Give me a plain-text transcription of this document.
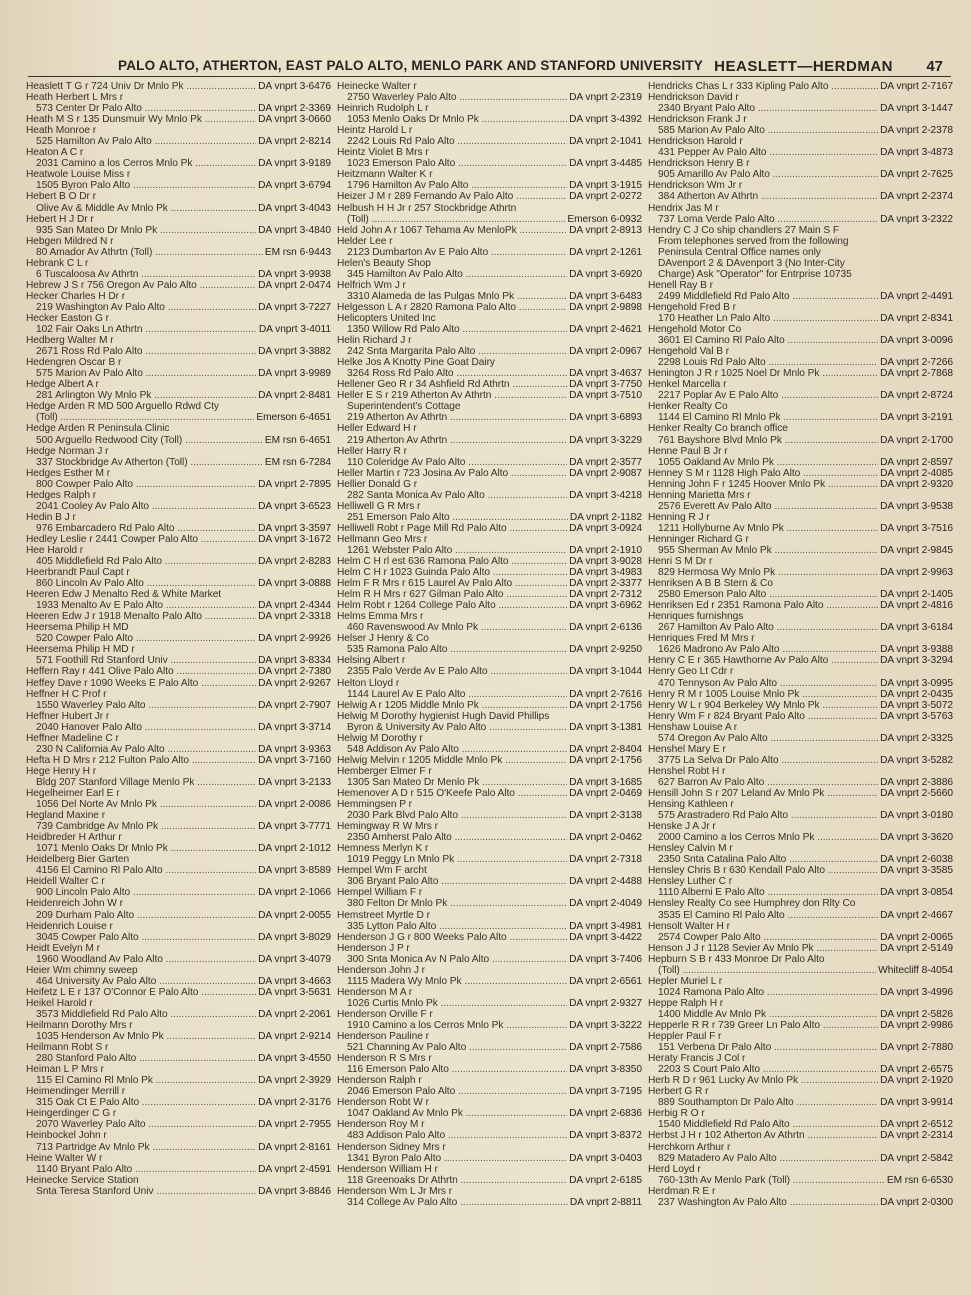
PALO ALTO, ATHERTON, EAST PALO ALTO, MENLO PARK AND STANFORD UNIVERSITY HEASLETT—HERDMAN 47
Heaslett T G r 724 Univ Dr Mnlo Pk .....	DA vnprt 3-6476
Heath Herbert L Mrs r
573 Center Dr Palo Alto .....	DA vnprt 2-3369
Heath M S r 135 Dunsmuir Wy Mnlo Pk .....	DA vnprt 3-0660
Heath Monroe r
525 Hamilton Av Palo Alto .....	DA vnprt 2-8214
Heaton A C r
2031 Camino a los Cerros Mnlo Pk .....	DA vnprt 3-9189
Heatwole Louise Miss r
1505 Byron Palo Alto .....	DA vnprt 3-6794
Hebert B O Dr r
Olive Av & Middle Av Mnlo Pk .....	DA vnprt 3-4043
Hebert H J Dr r
935 San Mateo Dr Mnlo Pk .....	DA vnprt 3-4840
Hebgen Mildred N r
80 Amador Av Athrtn (Toll) .....	EM rsn 6-9443
Hebrank C L r
6 Tuscaloosa Av Athrtn .....	DA vnprt 3-9938
Hebrew J S r 756 Oregon Av Palo Alto .....	DA vnprt 2-0474
Hecker Charles H Dr r
219 Washington Av Palo Alto .....	DA vnprt 3-7227
Hecker Easton G r
102 Fair Oaks Ln Athrtn .....	DA vnprt 3-4011
Hedberg Walter M r
2671 Ross Rd Palo Alto .....	DA vnprt 3-3882
Hedengren Oscar B r
575 Marion Av Palo Alto .....	DA vnprt 3-9989
Hedge Albert A r
281 Arlington Wy Mnlo Pk .....	DA vnprt 2-8481
Hedge Arden R MD 500 Arguello Rdwd Cty
(Toll) .....	Emerson 6-4651
Hedge Arden R Peninsula Clinic
500 Arguello Redwood City (Toll) .....	EM rsn 6-4651
Hedge Norman J r
337 Stockbridge Av Atherton (Toll) .....	EM rsn 6-7284
Hedges Esther M r
800 Cowper Palo Alto .....	DA vnprt 2-7895
Hedges Ralph r
2041 Cooley Av Palo Alto .....	DA vnprt 3-6523
Hedin B J r
976 Embarcadero Rd Palo Alto .....	DA vnprt 3-3597
Hedley Leslie r 2441 Cowper Palo Alto .....	DA vnprt 3-1672
Hee Harold r
405 Middlefield Rd Palo Alto .....	DA vnprt 2-8283
Heerbrandt Paul Capt r
860 Lincoln Av Palo Alto .....	DA vnprt 3-0888
Heeren Edw J Menalto Red & White Market
1933 Menalto Av E Palo Alto .....	DA vnprt 2-4344
Heeren Edw J r 1918 Menalto Palo Alto .....	DA vnprt 2-3318
Heersema Philip H MD
520 Cowper Palo Alto .....	DA vnprt 2-9926
Heersema Philip H MD r
571 Foothill Rd Stanford Univ .....	DA vnprt 3-8334
Heffern Ray r 441 Olive Palo Alto .....	DA vnprt 2-7380
Heffey Dave r 1090 Weeks E Palo Alto .....	DA vnprt 2-9267
Heffner H C Prof r
1550 Waverley Palo Alto .....	DA vnprt 2-7907
Heffner Hubert Jr r
2040 Hanover Palo Alto .....	DA vnprt 3-3714
Heffner Madeline C r
230 N California Av Palo Alto .....	DA vnprt 3-9363
Hefta H D Mrs r 212 Fulton Palo Alto .....	DA vnprt 3-7160
Hege Henry H r
Bldg 207 Stanford Village Menlo Pk .....	DA vnprt 3-2133
Hegelheimer Earl E r
1056 Del Norte Av Mnlo Pk .....	DA vnprt 2-0086
Hegland Maxine r
739 Cambridge Av Mnlo Pk .....	DA vnprt 3-7771
Heidbreder H Arthur r
1071 Menlo Oaks Dr Mnlo Pk .....	DA vnprt 2-1012
Heidelberg Bier Garten
4156 El Camino Rl Palo Alto .....	DA vnprt 3-8589
Heidell Walter C r
900 Lincoln Palo Alto .....	DA vnprt 2-1066
Heidenreich John W r
209 Durham Palo Alto .....	DA vnprt 2-0055
Heidenrich Louise r
3045 Cowper Palo Alto .....	DA vnprt 3-8029
Heidt Evelyn M r
1960 Woodland Av Palo Alto .....	DA vnprt 3-4079
Heier Wm chimny sweep
464 University Av Palo Alto .....	DA vnprt 3-4663
Heifetz L E r 137 O'Connor E Palo Alto .....	DA vnprt 3-5631
Heikel Harold r
3573 Middlefield Rd Palo Alto .....	DA vnprt 2-2061
Heilmann Dorothy Mrs r
1035 Henderson Av Mnlo Pk .....	DA vnprt 2-9214
Heilmann Robt S r
280 Stanford Palo Alto .....	DA vnprt 3-4550
Heiman L P Mrs r
115 El Camino Rl Mnlo Pk .....	DA vnprt 2-3929
Heimendinger Merrill r
315 Oak Ct E Palo Alto .....	DA vnprt 2-3176
Heingerdinger C G r
2070 Waverley Palo Alto .....	DA vnprt 2-7955
Heinbockel John r
713 Partridge Av Mnlo Pk .....	DA vnprt 2-8161
Heine Walter W r
1140 Bryant Palo Alto .....	DA vnprt 2-4591
Heinecke Service Station
Snta Teresa Stanford Univ .....	DA vnprt 3-8846
Heinecke Walter r
2750 Waverley Palo Alto .....	DA vnprt 2-2319
Heinrich Rudolph L r
1053 Menlo Oaks Dr Mnlo Pk .....	DA vnprt 3-4392
Heintz Harold L r
2242 Louis Rd Palo Alto .....	DA vnprt 2-1041
Heintz Violet B Mrs r
1023 Emerson Palo Alto .....	DA vnprt 3-4485
Heitzmann Walter K r
1796 Hamilton Av Palo Alto .....	DA vnprt 3-1915
Heizer J M r 289 Fernando Av Palo Alto .....	DA vnprt 2-0272
Helbush H H Jr r 257 Stockbridge Athrtn
(Toll) .....	Emerson 6-0932
Held John A r 1067 Tehama Av MenloPk .....	DA vnprt 2-8913
Helder Lee r
2123 Dumbarton Av E Palo Alto .....	DA vnprt 2-1261
Helen's Beauty Shop
345 Hamilton Av Palo Alto .....	DA vnprt 3-6920
Helfrich Wm J r
3310 Alameda de las Pulgas Mnlo Pk .....	DA vnprt 3-6483
Helgesson L A r 2820 Ramona Palo Alto .....	DA vnprt 2-9898
Helicopters United Inc
1350 Willow Rd Palo Alto .....	DA vnprt 2-4621
Helin Richard J r
242 Snta Margarita Palo Alto .....	DA vnprt 2-0967
Helke Jos A Knotty Pine Goat Dairy
3264 Ross Rd Palo Alto .....	DA vnprt 3-4637
Hellener Geo R r 34 Ashfield Rd Athrtn .....	DA vnprt 3-7750
Heller E S r 219 Atherton Av Athrtn .....	DA vnprt 3-7510
Superintendent's Cottage
219 Atherton Av Athrtn .....	DA vnprt 3-6893
Heller Edward H r
219 Atherton Av Athrtn .....	DA vnprt 3-3229
Heller Harry R r
110 Coleridge Av Palo Alto .....	DA vnprt 2-3577
Heller Martin r 723 Josina Av Palo Alto .....	DA vnprt 2-9087
Hellier Donald G r
282 Santa Monica Av Palo Alto .....	DA vnprt 3-4218
Helliwell G R Mrs r
251 Emerson Palo Alto .....	DA vnprt 2-1182
Helliwell Robt r Page Mill Rd Palo Alto .....	DA vnprt 3-0924
Hellmann Geo Mrs r
1261 Webster Palo Alto .....	DA vnprt 2-1910
Helm C H rl est 636 Ramona Palo Alto .....	DA vnprt 3-9028
Helm C H r 1023 Guinda Palo Alto .....	DA vnprt 3-4983
Helm F R Mrs r 615 Laurel Av Palo Alto .....	DA vnprt 2-3377
Helm R H Mrs r 627 Gilman Palo Alto .....	DA vnprt 2-7312
Helm Robt r 1264 College Palo Alto .....	DA vnprt 3-6962
Helms Emma Mrs r
460 Ravenswood Av Mnlo Pk .....	DA vnprt 2-6136
Helser J Henry & Co
535 Ramona Palo Alto .....	DA vnprt 2-9250
Helsing Albert r
2355 Palo Verde Av E Palo Alto .....	DA vnprt 3-1044
Helton Lloyd r
1144 Laurel Av E Palo Alto .....	DA vnprt 2-7616
Helwig A r 1205 Middle Mnlo Pk .....	DA vnprt 2-1756
Helwig M Dorothy hygienist Hugh David Phillips
Byron & University Av Palo Alto .....	DA vnprt 3-1381
Helwig M Dorothy r
548 Addison Av Palo Alto .....	DA vnprt 2-8404
Helwig Melvin r 1205 Middle Mnlo Pk .....	DA vnprt 2-1756
Hemberger Elmer F r
1305 San Mateo Dr Menlo Pk .....	DA vnprt 3-1685
Hemenover A D r 515 O'Keefe Palo Alto .....	DA vnprt 2-0469
Hemmingsen P r
2030 Park Blvd Palo Alto .....	DA vnprt 2-3138
Hemingway R W Mrs r
2350 Amherst Palo Alto .....	DA vnprt 2-0462
Hemness Merlyn K r
1019 Peggy Ln Mnlo Pk .....	DA vnprt 2-7318
Hempel Wm F archt
306 Bryant Palo Alto .....	DA vnprt 2-4488
Hempel William F r
380 Felton Dr Mnlo Pk .....	DA vnprt 2-4049
Hemstreet Myrtle D r
335 Lytton Palo Alto .....	DA vnprt 3-4981
Henderson J G r 800 Weeks Palo Alto .....	DA vnprt 3-4422
Henderson J P r
300 Snta Monica Av N Palo Alto .....	DA vnprt 3-7406
Henderson John J r
1115 Madera Wy Mnlo Pk .....	DA vnprt 2-6561
Henderson M A r
1026 Curtis Mnlo Pk .....	DA vnprt 2-9327
Henderson Orville F r
1910 Camino a los Cerros Mnlo Pk .....	DA vnprt 3-3222
Henderson Pauline r
521 Channing Av Palo Alto .....	DA vnprt 2-7586
Henderson R S Mrs r
116 Emerson Palo Alto .....	DA vnprt 3-8350
Henderson Ralph r
2046 Emerson Palo Alto .....	DA vnprt 3-7195
Henderson Robt W r
1047 Oakland Av Mnlo Pk .....	DA vnprt 2-6836
Henderson Roy M r
483 Addison Palo Alto .....	DA vnprt 3-8372
Henderson Sidney Mrs r
1341 Byron Palo Alto .....	DA vnprt 3-0403
Henderson William H r
118 Greenoaks Dr Athrtn .....	DA vnprt 2-6185
Henderson Wm L Jr Mrs r
314 College Av Palo Alto .....	DA vnprt 2-8811
Hendricks Chas L r 333 Kipling Palo Alto .....	DA vnprt 2-7167
Hendrickson David r
2340 Bryant Palo Alto .....	DA vnprt 3-1447
Hendrickson Frank J r
585 Marion Av Palo Alto .....	DA vnprt 2-2378
Hendrickson Harold r
431 Pepper Av Palo Alto .....	DA vnprt 3-4873
Hendrickson Henry B r
905 Amarillo Av Palo Alto .....	DA vnprt 2-7625
Hendrickson Wm Jr r
384 Atherton Av Athrtn .....	DA vnprt 2-2374
Hendrix Jas M r
737 Loma Verde Palo Alto .....	DA vnprt 3-2322
Hendry C J Co ship chandlers 27 Main S F
From telephones served from the following
Peninsula Central Office names only
DAvenport 2 & DAvenport 3 (No Inter-City
Charge) Ask "Operator" for Entrprise 10735
Henell Ray B r
2499 Middlefield Rd Palo Alto .....	DA vnprt 2-4491
Hengehold Fred B r
170 Heather Ln Palo Alto .....	DA vnprt 2-8341
Hengehold Motor Co
3601 El Camino Rl Palo Alto .....	DA vnprt 3-0096
Hengehold Val B r
2298 Louis Rd Palo Alto .....	DA vnprt 2-7266
Henington J R r 1025 Noel Dr Mnlo Pk .....	DA vnprt 2-7868
Henkel Marcella r
2217 Poplar Av E Palo Alto .....	DA vnprt 2-8724
Henker Realty Co
1144 El Camino Rl Mnlo Pk .....	DA vnprt 3-2191
Henker Realty Co branch office
761 Bayshore Blvd Mnlo Pk .....	DA vnprt 2-1700
Henne Paul B Jr r
1055 Oakland Av Mnlo Pk .....	DA vnprt 2-8597
Henney S M r 1128 High Palo Alto .....	DA vnprt 2-4085
Henning John F r 1245 Hoover Mnlo Pk .....	DA vnprt 2-9320
Henning Marietta Mrs r
2576 Everett Av Palo Alto .....	DA vnprt 3-9538
Henning R J r
1211 Hollyburne Av Mnlo Pk .....	DA vnprt 3-7516
Henninger Richard G r
955 Sherman Av Mnlo Pk .....	DA vnprt 2-9845
Henri S M Dr r
829 Hermosa Wy Mnlo Pk .....	DA vnprt 2-9963
Henriksen A B B Stern & Co
2580 Emerson Palo Alto .....	DA vnprt 2-1405
Henriksen Ed r 2351 Ramona Palo Alto .....	DA vnprt 2-4816
Henriques furnishngs
267 Hamilton Av Palo Alto .....	DA vnprt 3-6184
Henriques Fred M Mrs r
1626 Madrono Av Palo Alto .....	DA vnprt 3-9388
Henry C E r 365 Hawthorne Av Palo Alto .....	DA vnprt 3-3294
Henry Geo Lt Cdr r
470 Tennyson Av Palo Alto .....	DA vnprt 3-0995
Henry R M r 1005 Louise Mnlo Pk .....	DA vnprt 2-0435
Henry W L r 904 Berkeley Wy Mnlo Pk .....	DA vnprt 3-5072
Henry Wm F r 824 Bryant Palo Alto .....	DA vnprt 3-5763
Henshaw Louise A r
574 Oregon Av Palo Alto .....	DA vnprt 2-3325
Henshel Mary E r
3775 La Selva Dr Palo Alto .....	DA vnprt 3-5282
Henshel Robt H r
627 Barron Av Palo Alto .....	DA vnprt 2-3886
Hensill John S r 207 Leland Av Mnlo Pk .....	DA vnprt 2-5660
Hensing Kathleen r
575 Arastradero Rd Palo Alto .....	DA vnprt 3-0180
Henske J A Jr r
2000 Camino a los Cerros Mnlo Pk .....	DA vnprt 3-3620
Hensley Calvin M r
2350 Snta Catalina Palo Alto .....	DA vnprt 2-6038
Hensley Chris B r 630 Kendall Palo Alto .....	DA vnprt 3-3585
Hensley Luther C r
1110 Alberni E Palo Alto .....	DA vnprt 3-0854
Hensley Realty Co see Humphrey don Rlty Co
3535 El Camino Rl Palo Alto .....	DA vnprt 2-4667
Hensolt Walter H r
2574 Cowper Palo Alto .....	DA vnprt 2-0065
Henson J J r 1128 Sevier Av Mnlo Pk .....	DA vnprt 2-5149
Hepburn S B r 433 Monroe Dr Palo Alto
(Toll) .....	Whitecliff 8-4054
Hepler Muriel L r
1024 Ramona Palo Alto .....	DA vnprt 3-4996
Heppe Ralph H r
1400 Middle Av Mnlo Pk .....	DA vnprt 2-5826
Hepperle R R r 739 Greer Ln Palo Alto .....	DA vnprt 2-9986
Heppler Paul F r
151 Verbena Dr Palo Alto .....	DA vnprt 2-7880
Heraty Francis J Col r
2203 S Court Palo Alto .....	DA vnprt 2-6575
Herb R D r 961 Lucky Av Mnlo Pk .....	DA vnprt 2-1920
Herbert G R r
889 Southampton Dr Palo Alto .....	DA vnprt 3-9914
Herbig R O r
1540 Middlefield Rd Palo Alto .....	DA vnprt 2-6512
Herbst J H r 102 Atherton Av Athrtn .....	DA vnprt 2-2314
Herchkorn Arthur r
829 Matadero Av Palo Alto .....	DA vnprt 2-5842
Herd Loyd r
760-13th Av Menlo Park (Toll) .....	EM rsn 6-6530
Herdman R E r
237 Washington Av Palo Alto .....	DA vnprt 2-0300
